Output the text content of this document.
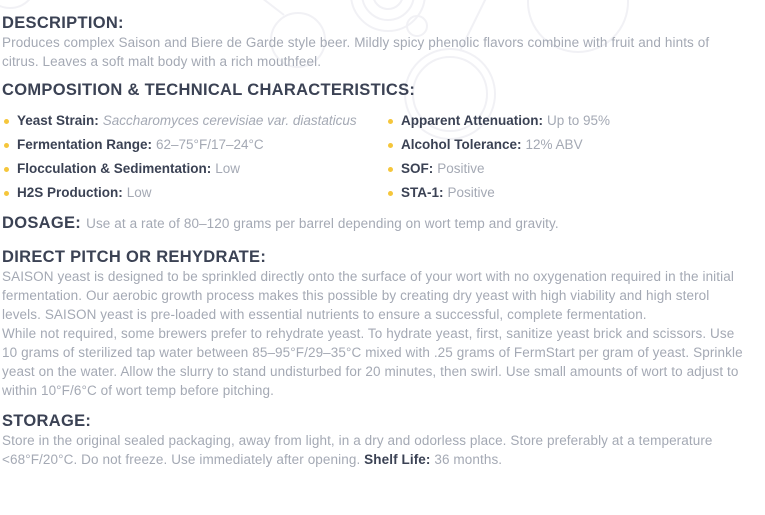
DESCRIPTION:

Produces complex Saison and Biere de Garde style beer. Mildly spicy phenolic flavors combine with fruit and hints of citrus. Leaves a soft malt body with a rich mouthfeel.

COMPOSITION & TECHNICAL CHARACTERISTICS:
Yeast Strain: Saccharomyces cerevisiae var. diastaticus
Fermentation Range: 62–75°F/17–24°C
Flocculation & Sedimentation: Low
H2S Production: Low
Apparent Attenuation: Up to 95%
Alcohol Tolerance: 12% ABV
SOF: Positive
STA-1: Positive
DOSAGE: Use at a rate of 80–120 grams per barrel depending on wort temp and gravity.
DIRECT PITCH OR REHYDRATE:

SAISON yeast is designed to be sprinkled directly onto the surface of your wort with no oxygenation required in the initial fermentation. Our aerobic growth process makes this possible by creating dry yeast with high viability and high sterol levels. SAISON yeast is pre-loaded with essential nutrients to ensure a successful, complete fermentation.

While not required, some brewers prefer to rehydrate yeast. To hydrate yeast, first, sanitize yeast brick and scissors. Use 10 grams of sterilized tap water between 85–95°F/29–35°C mixed with .25 grams of FermStart per gram of yeast. Sprinkle yeast on the water. Allow the slurry to stand undisturbed for 20 minutes, then swirl. Use small amounts of wort to adjust to within 10°F/6°C of wort temp before pitching.

STORAGE:

Store in the original sealed packaging, away from light, in a dry and odorless place. Store preferably at a temperature <68°F/20°C. Do not freeze. Use immediately after opening. Shelf Life: 36 months.
